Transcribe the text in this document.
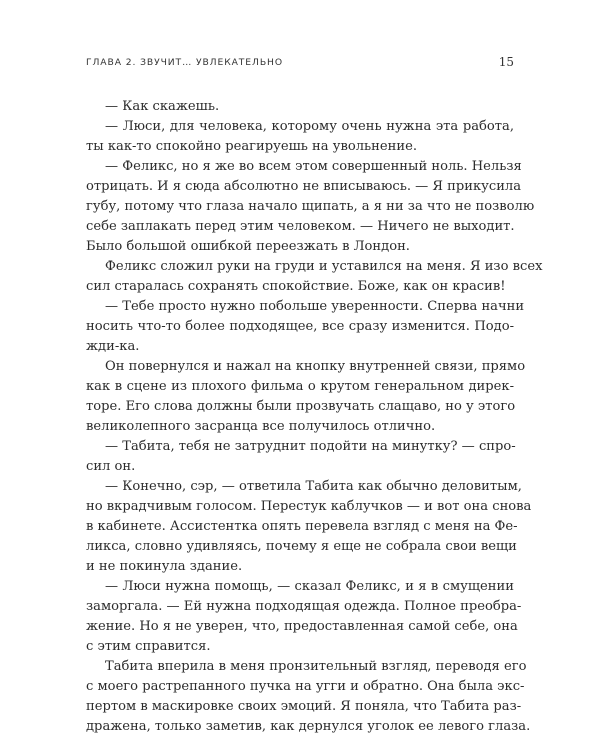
ГЛАВА 2. ЗВУЧИТ… УВЛЕКАТЕЛЬНО	15
— Как скажешь.
— Люси, для человека, которому очень нужна эта работа,
ты как-то спокойно реагируешь на увольнение.
— Феликс, но я же во всем этом совершенный ноль. Нельзя
отрицать. И я сюда абсолютно не вписываюсь. — Я прикусила
губу, потому что глаза начало щипать, а я ни за что не позволю
себе заплакать перед этим человеком. — Ничего не выходит.
Было большой ошибкой переезжать в Лондон.
Феликс сложил руки на груди и уставился на меня. Я изо всех
сил старалась сохранять спокойствие. Боже, как он красив!
— Тебе просто нужно побольше уверенности. Сперва начни
носить что-то более подходящее, все сразу изменится. Подо-
жди-ка.
Он повернулся и нажал на кнопку внутренней связи, прямо
как в сцене из плохого фильма о крутом генеральном дирек-
торе. Его слова должны были прозвучать слащаво, но у этого
великолепного засранца все получилось отлично.
— Табита, тебя не затруднит подойти на минутку? — спро-
сил он.
— Конечно, сэр, — ответила Табита как обычно деловитым,
но вкрадчивым голосом. Перестук каблучков — и вот она снова
в кабинете. Ассистентка опять перевела взгляд с меня на Фе-
ликса, словно удивляясь, почему я еще не собрала свои вещи
и не покинула здание.
— Люси нужна помощь, — сказал Феликс, и я в смущении
заморгала. — Ей нужна подходящая одежда. Полное преобра-
жение. Но я не уверен, что, предоставленная самой себе, она
с этим справится.
Табита вперила в меня пронзительный взгляд, переводя его
с моего растрепанного пучка на угги и обратно. Она была экс-
пертом в маскировке своих эмоций. Я поняла, что Табита раз-
дражена, только заметив, как дернулся уголок ее левого глаза.
